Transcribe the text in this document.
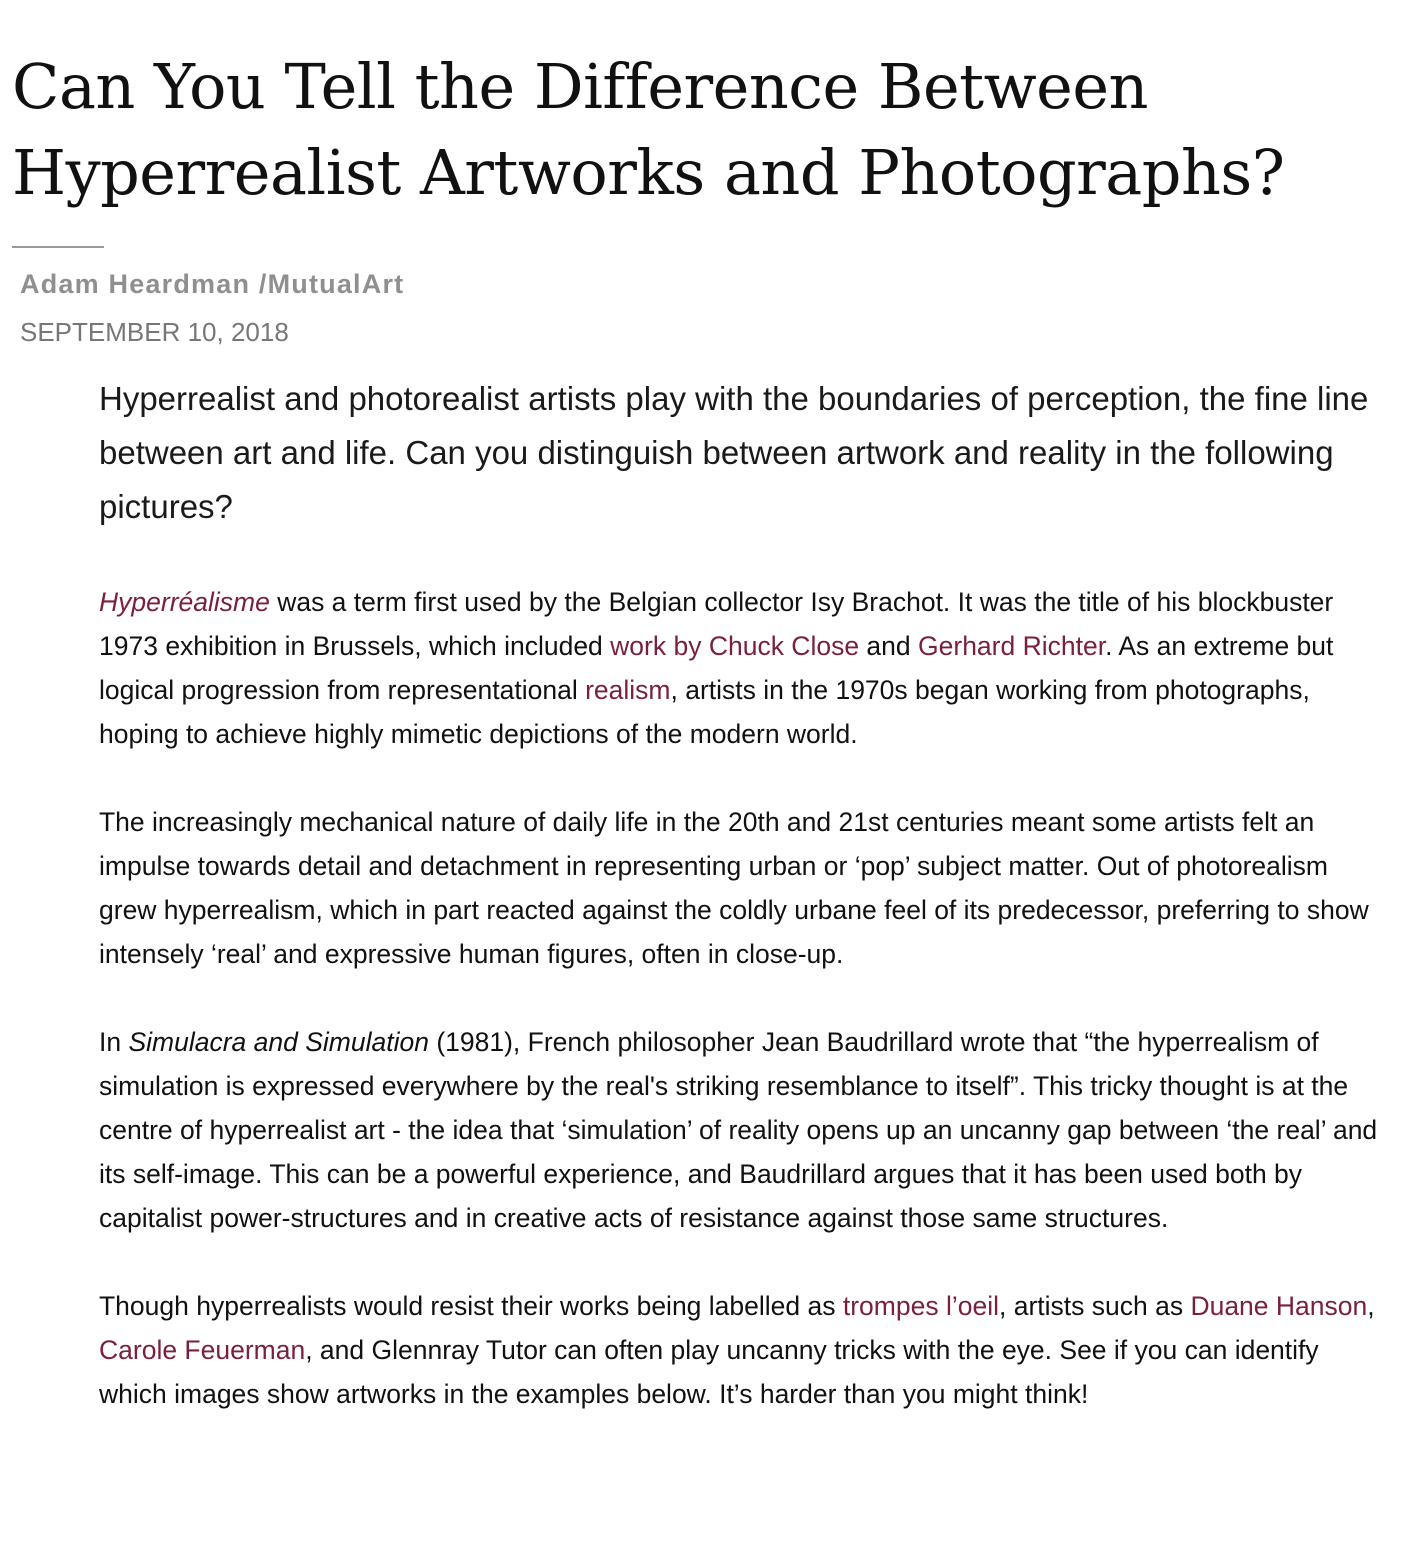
Can You Tell the Difference Between Hyperrealist Artworks and Photographs?
Adam Heardman /MutualArt
SEPTEMBER 10, 2018

Hyperrealist and photorealist artists play with the boundaries of perception, the fine line between art and life. Can you distinguish between artwork and reality in the following pictures?

Hyperréalisme was a term first used by the Belgian collector Isy Brachot. It was the title of his blockbuster 1973 exhibition in Brussels, which included work by Chuck Close and Gerhard Richter. As an extreme but logical progression from representational realism, artists in the 1970s began working from photographs, hoping to achieve highly mimetic depictions of the modern world.

The increasingly mechanical nature of daily life in the 20th and 21st centuries meant some artists felt an impulse towards detail and detachment in representing urban or ‘pop’ subject matter. Out of photorealism grew hyperrealism, which in part reacted against the coldly urbane feel of its predecessor, preferring to show intensely ‘real’ and expressive human figures, often in close-up.

In Simulacra and Simulation (1981), French philosopher Jean Baudrillard wrote that “the hyperrealism of simulation is expressed everywhere by the real's striking resemblance to itself”. This tricky thought is at the centre of hyperrealist art - the idea that ‘simulation’ of reality opens up an uncanny gap between ‘the real’ and its self-image. This can be a powerful experience, and Baudrillard argues that it has been used both by capitalist power-structures and in creative acts of resistance against those same structures.

Though hyperrealists would resist their works being labelled as trompes l’oeil, artists such as Duane Hanson, Carole Feuerman, and Glennray Tutor can often play uncanny tricks with the eye. See if you can identify which images show artworks in the examples below. It’s harder than you might think!
